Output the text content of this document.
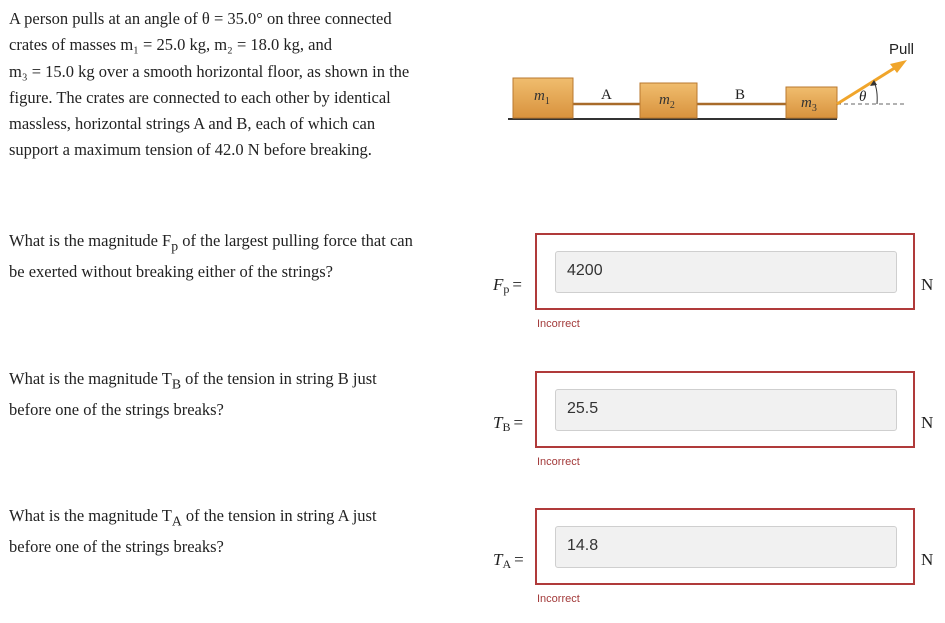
A person pulls at an angle of θ = 35.0° on three connected
crates of masses m₁ = 25.0 kg, m₂ = 18.0 kg, and
m₃ = 15.0 kg over a smooth horizontal floor, as shown in the
figure. The crates are connected to each other by identical
massless, horizontal strings A and B, each of which can
support a maximum tension of 42.0 N before breaking.
$m_1$	$m_2$	$m_3$
A	B	θ
Pull
What is the magnitude $F_p$ of the largest pulling force that can
be exerted without breaking either of the strings?
Fp =
4200
N
Incorrect
What is the magnitude $T_B$ of the tension in string B just
before one of the strings breaks?
TB =
25.5
N
Incorrect
What is the magnitude $T_A$ of the tension in string A just
before one of the strings breaks?
TA =
14.8
N
Incorrect
